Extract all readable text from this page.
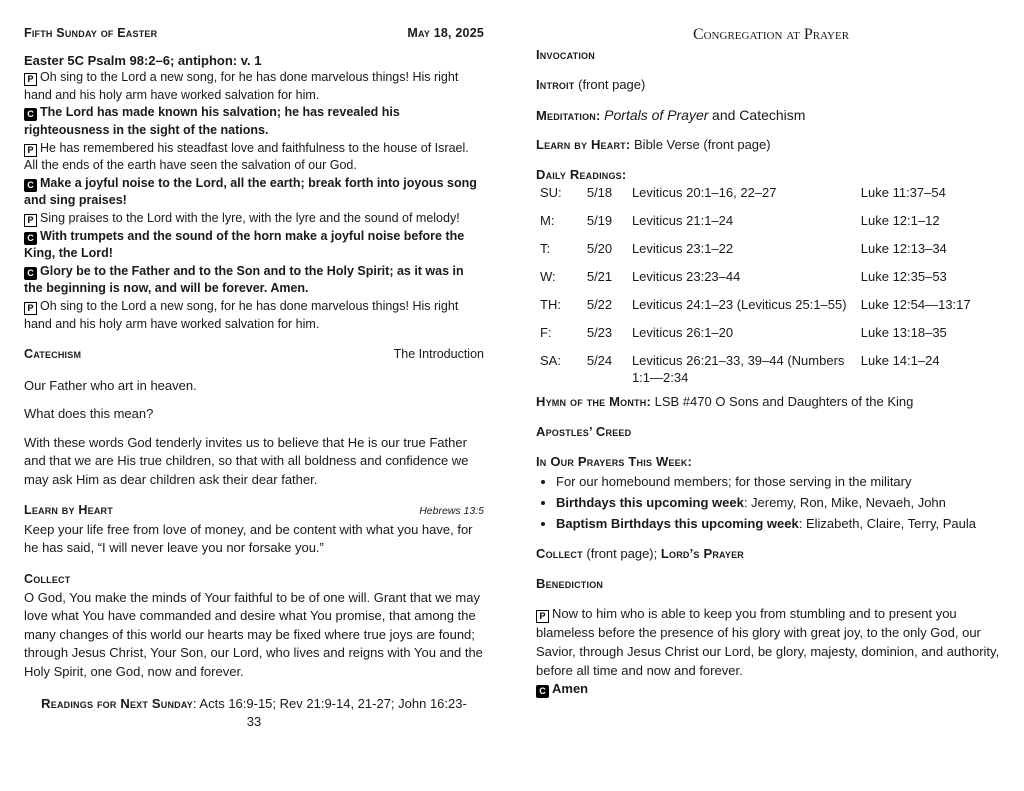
Fifth Sunday of Easter	May 18, 2025

Easter 5C Psalm 98:2–6; antiphon: v. 1

P Oh sing to the Lord a new song, for he has done marvelous things! His right hand and his holy arm have worked salvation for him.

C The Lord has made known his salvation; he has revealed his righteousness in the sight of the nations.

P He has remembered his steadfast love and faithfulness to the house of Israel. All the ends of the earth have seen the salvation of our God.

C Make a joyful noise to the Lord, all the earth; break forth into joyous song and sing praises!

P Sing praises to the Lord with the lyre, with the lyre and the sound of melody!

C With trumpets and the sound of the horn make a joyful noise before the King, the Lord!

C Glory be to the Father and to the Son and to the Holy Spirit; as it was in the beginning is now, and will be forever. Amen.

P Oh sing to the Lord a new song, for he has done marvelous things! His right hand and his holy arm have worked salvation for him.

Catechism	The Introduction

Our Father who art in heaven.

What does this mean?

With these words God tenderly invites us to believe that He is our true Father and that we are His true children, so that with all boldness and confidence we may ask Him as dear children ask their dear father.

Learn by Heart	Hebrews 13:5

Keep your life free from love of money, and be content with what you have, for he has said, “I will never leave you nor forsake you.”

Collect

O God, You make the minds of Your faithful to be of one will. Grant that we may love what You have commanded and desire what You promise, that among the many changes of this world our hearts may be fixed where true joys are found; through Jesus Christ, Your Son, our Lord, who lives and reigns with You and the Holy Spirit, one God, now and forever.

Readings for Next Sunday: Acts 16:9-15; Rev 21:9-14, 21-27; John 16:23-33

Congregation at Prayer

Invocation

Introit (front page)

Meditation: Portals of Prayer and Catechism

Learn by Heart: Bible Verse (front page)

Daily Readings:

SU:	5/18	Leviticus 20:1–16, 22–27	Luke 11:37–54
M:	5/19	Leviticus 21:1–24	Luke 12:1–12
T:	5/20	Leviticus 23:1–22	Luke 12:13–34
W:	5/21	Leviticus 23:23–44	Luke 12:35–53
TH:	5/22	Leviticus 24:1–23 (Leviticus 25:1–55)	Luke 12:54—13:17
F:	5/23	Leviticus 26:1–20	Luke 13:18–35
SA:	5/24	Leviticus 26:21–33, 39–44 (Numbers 1:1—2:34	Luke 14:1–24

Hymn of the Month: LSB #470 O Sons and Daughters of the King

Apostles’ Creed

In Our Prayers This Week:

• For our homebound members; for those serving in the military
• Birthdays this upcoming week: Jeremy, Ron, Mike, Nevaeh, John
• Baptism Birthdays this upcoming week: Elizabeth, Claire, Terry, Paula

Collect (front page); Lord’s Prayer

Benediction

P Now to him who is able to keep you from stumbling and to present you blameless before the presence of his glory with great joy, to the only God, our Savior, through Jesus Christ our Lord, be glory, majesty, dominion, and authority, before all time and now and forever.

C Amen
